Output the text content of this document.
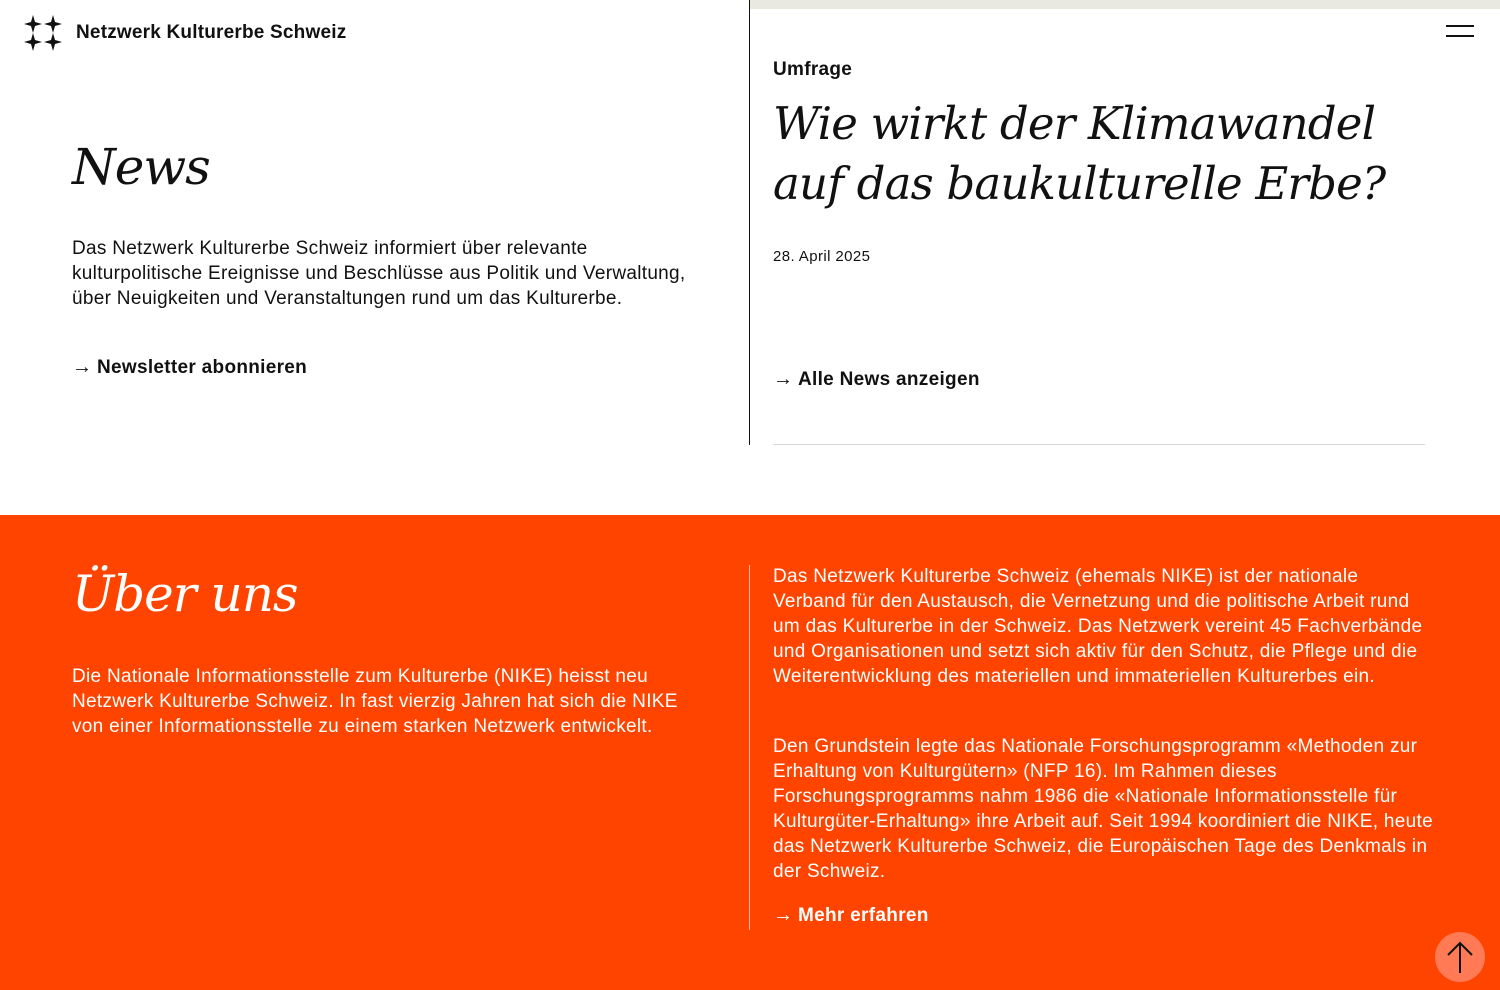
Netzwerk Kulturerbe Schweiz
News

Das Netzwerk Kulturerbe Schweiz informiert über relevante kulturpolitische Ereignisse und Beschlüsse aus Politik und Verwaltung, über Neuigkeiten und Veranstaltungen rund um das Kulturerbe.

→ Newsletter abonnieren
Umfrage
Wie wirkt der Klimawandel auf das baukulturelle Erbe?
28. April 2025
→ Alle News anzeigen
Über uns

Die Nationale Informationsstelle zum Kulturerbe (NIKE) heisst neu Netzwerk Kulturerbe Schweiz. In fast vierzig Jahren hat sich die NIKE von einer Informationsstelle zu einem starken Netzwerk entwickelt.

Das Netzwerk Kulturerbe Schweiz (ehemals NIKE) ist der nationale Verband für den Austausch, die Vernetzung und die politische Arbeit rund um das Kulturerbe in der Schweiz. Das Netzwerk vereint 45 Fachverbände und Organisationen und setzt sich aktiv für den Schutz, die Pflege und die Weiterentwicklung des materiellen und immateriellen Kulturerbes ein.

Den Grundstein legte das Nationale Forschungsprogramm «Methoden zur Erhaltung von Kulturgütern» (NFP 16). Im Rahmen dieses Forschungsprogramms nahm 1986 die «Nationale Informationsstelle für Kulturgüter-Erhaltung» ihre Arbeit auf. Seit 1994 koordiniert die NIKE, heute das Netzwerk Kulturerbe Schweiz, die Europäischen Tage des Denkmals in der Schweiz.

→ Mehr erfahren
